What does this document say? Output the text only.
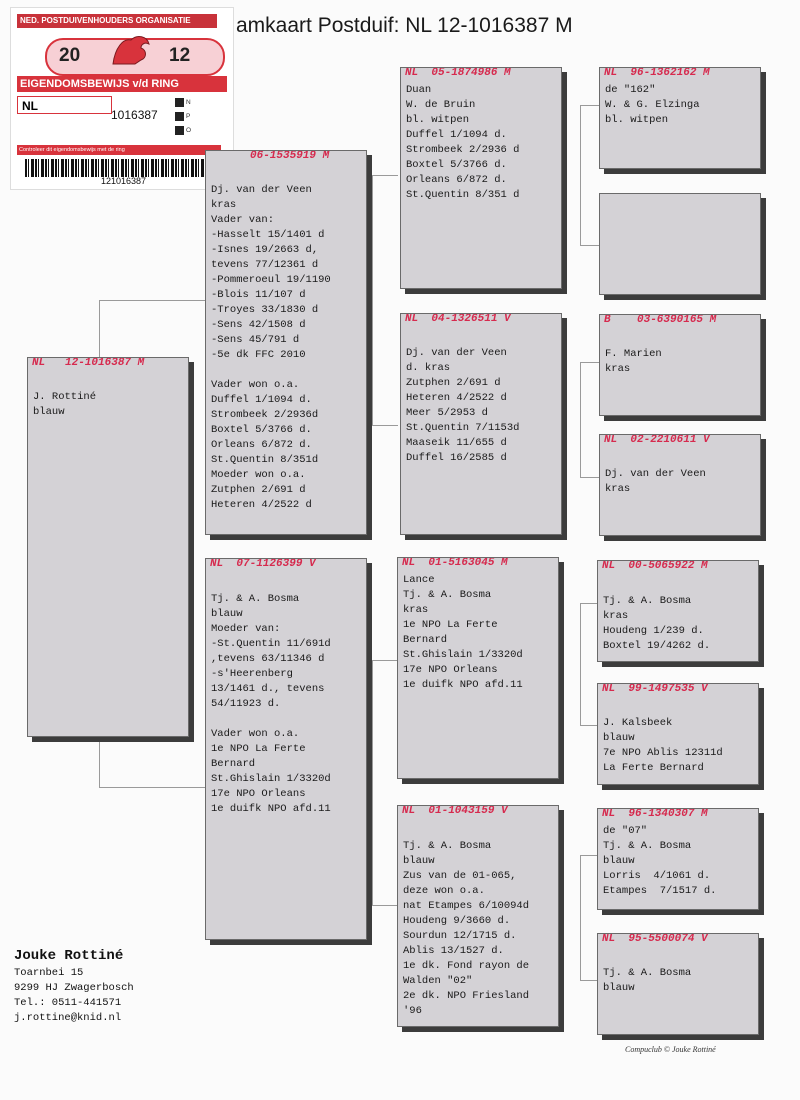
amkaart Postduif: NL 12-1016387 M
NED. POSTDUIVENHOUDERS ORGANISATIE
20	12
EIGENDOMSBEWIJS v/d RING
NL
1016387
N
P
O
Controleer dit eigendomsbewijs met de ring
121016387
NL   12-1016387 M
J. Rottiné
blauw
06-1535919 M
Dj. van der Veen
kras
Vader van:
-Hasselt 15/1401 d
-Isnes 19/2663 d,
tevens 77/12361 d
-Pommeroeul 19/1190
-Blois 11/107 d
-Troyes 33/1830 d
-Sens 42/1508 d
-Sens 45/791 d
-5e dk FFC 2010

Vader won o.a.
Duffel 1/1094 d.
Strombeek 2/2936d
Boxtel 5/3766 d.
Orleans 6/872 d.
St.Quentin 8/351d
Moeder won o.a.
Zutphen 2/691 d
Heteren 4/2522 d
NL  07-1126399 V
Tj. & A. Bosma
blauw
Moeder van:
-St.Quentin 11/691d
,tevens 63/11346 d
-s'Heerenberg
13/1461 d., tevens
54/11923 d.

Vader won o.a.
1e NPO La Ferte
Bernard
St.Ghislain 1/3320d
17e NPO Orleans
1e duifk NPO afd.11
NL  05-1874986 M
Duan
W. de Bruin
bl. witpen
Duffel 1/1094 d.
Strombeek 2/2936 d
Boxtel 5/3766 d.
Orleans 6/872 d.
St.Quentin 8/351 d
NL  04-1326511 V
Dj. van der Veen
d. kras
Zutphen 2/691 d
Heteren 4/2522 d
Meer 5/2953 d
St.Quentin 7/1153d
Maaseik 11/655 d
Duffel 16/2585 d
NL  01-5163045 M
Lance
Tj. & A. Bosma
kras
1e NPO La Ferte
Bernard
St.Ghislain 1/3320d
17e NPO Orleans
1e duifk NPO afd.11
NL  01-1043159 V
Tj. & A. Bosma
blauw
Zus van de 01-065,
deze won o.a.
nat Etampes 6/10094d
Houdeng 9/3660 d.
Sourdun 12/1715 d.
Ablis 13/1527 d.
1e dk. Fond rayon de
Walden "02"
2e dk. NPO Friesland
'96
NL  96-1362162 M
de "162"
W. & G. Elzinga
bl. witpen
B    03-6390165 M
F. Marien
kras
NL  02-2210611 V
Dj. van der Veen
kras
NL  00-5065922 M
Tj. & A. Bosma
kras
Houdeng 1/239 d.
Boxtel 19/4262 d.
NL  99-1497535 V
J. Kalsbeek
blauw
7e NPO Ablis 12311d
La Ferte Bernard
NL  96-1340307 M
de "07"
Tj. & A. Bosma
blauw
Lorris  4/1061 d.
Etampes  7/1517 d.
NL  95-5500074 V
Tj. & A. Bosma
blauw
Jouke Rottiné
Toarnbei 15
9299 HJ Zwagerbosch
Tel.: 0511-441571
j.rottine@knid.nl
Compuclub © Jouke Rottiné
